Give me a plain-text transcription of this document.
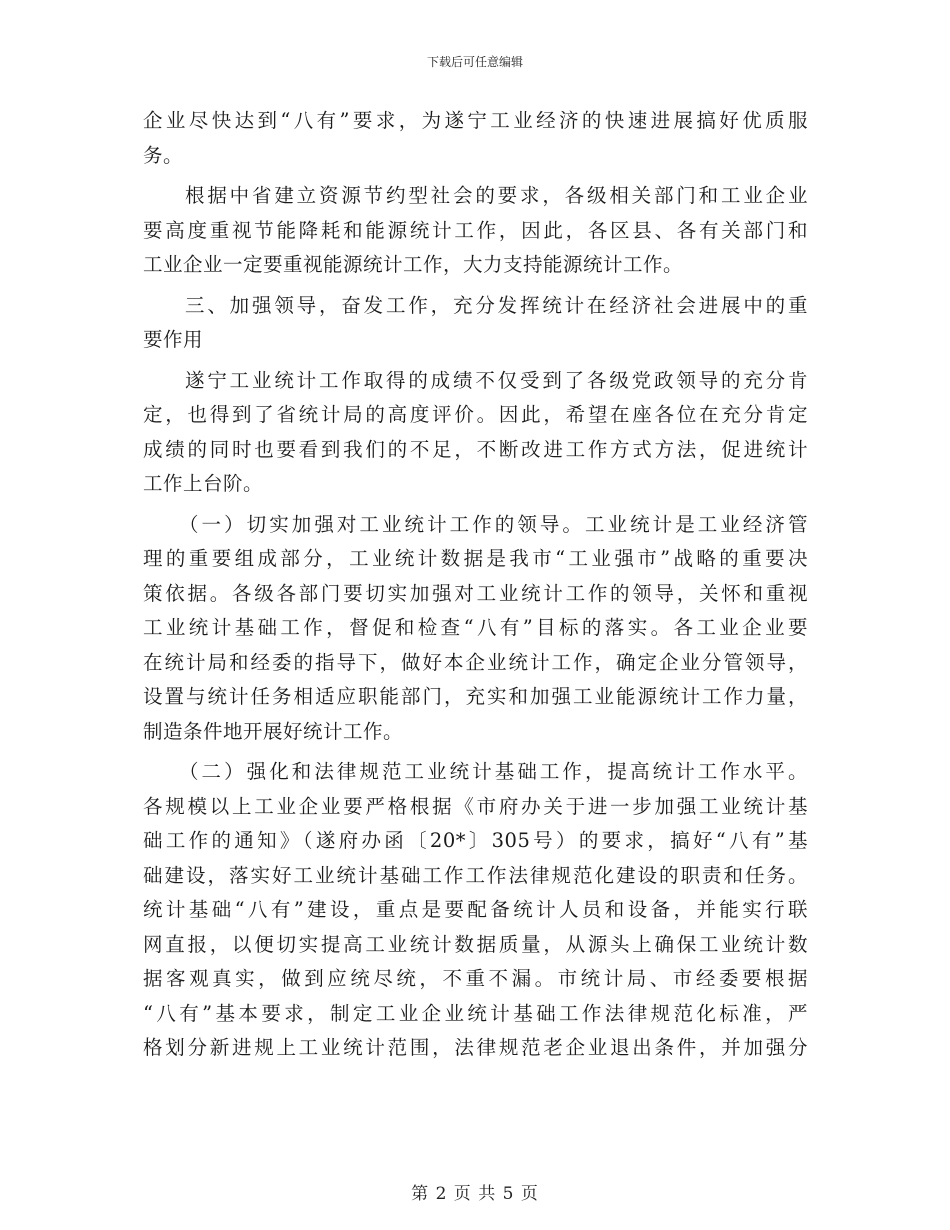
下载后可任意编辑
企业尽快达到“八有”要求，为遂宁工业经济的快速进展搞好优质服
务。
根据中省建立资源节约型社会的要求，各级相关部门和工业企业
要高度重视节能降耗和能源统计工作，因此，各区县、各有关部门和
工业企业一定要重视能源统计工作，大力支持能源统计工作。
三、加强领导，奋发工作，充分发挥统计在经济社会进展中的重
要作用
遂宁工业统计工作取得的成绩不仅受到了各级党政领导的充分肯
定，也得到了省统计局的高度评价。因此，希望在座各位在充分肯定
成绩的同时也要看到我们的不足，不断改进工作方式方法，促进统计
工作上台阶。
（一）切实加强对工业统计工作的领导。工业统计是工业经济管
理的重要组成部分，工业统计数据是我市“工业强市”战略的重要决
策依据。各级各部门要切实加强对工业统计工作的领导，关怀和重视
工业统计基础工作，督促和检查“八有”目标的落实。各工业企业要
在统计局和经委的指导下，做好本企业统计工作，确定企业分管领导，
设置与统计任务相适应职能部门，充实和加强工业能源统计工作力量，
制造条件地开展好统计工作。
（二）强化和法律规范工业统计基础工作，提高统计工作水平。
各规模以上工业企业要严格根据《市府办关于进一步加强工业统计基
础工作的通知》（遂府办函〔20*〕305号）的要求，搞好“八有”基
础建设，落实好工业统计基础工作工作法律规范化建设的职责和任务。
统计基础“八有”建设，重点是要配备统计人员和设备，并能实行联
网直报，以便切实提高工业统计数据质量，从源头上确保工业统计数
据客观真实，做到应统尽统，不重不漏。市统计局、市经委要根据
“八有”基本要求，制定工业企业统计基础工作法律规范化标准，严
格划分新进规上工业统计范围，法律规范老企业退出条件，并加强分
第 2 页 共 5 页
